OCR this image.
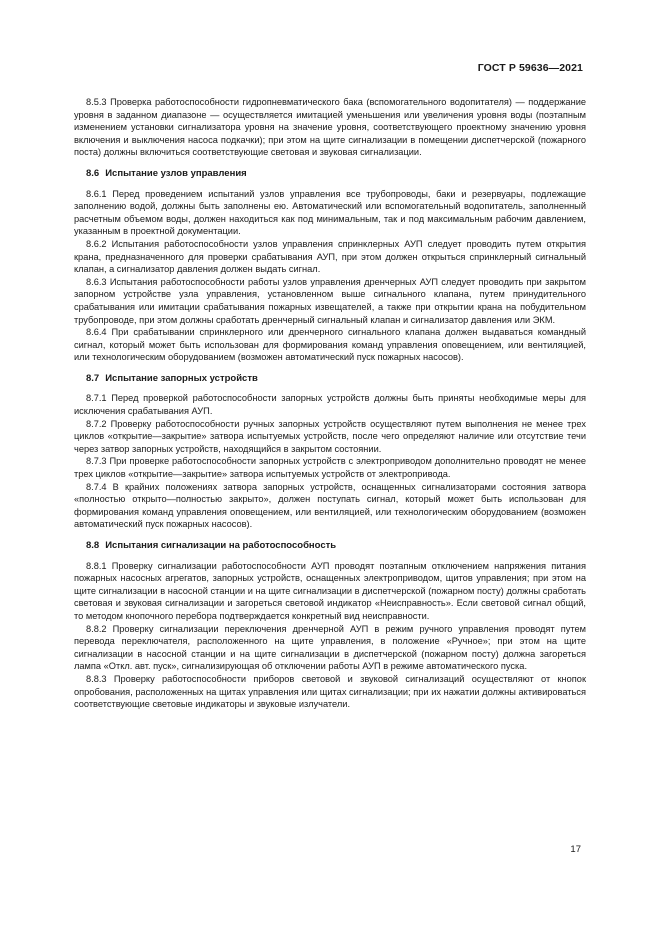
ГОСТ Р 59636—2021

8.5.3 Проверка работоспособности гидропневматического бака (вспомогательного водопитателя) — поддержание уровня в заданном диапазоне — осуществляется имитацией уменьшения или увеличения уровня воды (поэтапным изменением установки сигнализатора уровня на значение уровня, соответствующего проектному значению уровня включения и выключения насоса подкачки); при этом на щите сигнализации в помещении диспетчерской (пожарного поста) должны включиться соответствующие световая и звуковая сигнализации.

8.6 Испытание узлов управления

8.6.1 Перед проведением испытаний узлов управления все трубопроводы, баки и резервуары, подлежащие заполнению водой, должны быть заполнены ею. Автоматический или вспомогательный водопитатель, заполненный расчетным объемом воды, должен находиться как под минимальным, так и под максимальным рабочим давлением, указанным в проектной документации.

8.6.2 Испытания работоспособности узлов управления спринклерных АУП следует проводить путем открытия крана, предназначенного для проверки срабатывания АУП, при этом должен открыться спринклерный сигнальный клапан, а сигнализатор давления должен выдать сигнал.

8.6.3 Испытания работоспособности работы узлов управления дренчерных АУП следует проводить при закрытом запорном устройстве узла управления, установленном выше сигнального клапана, путем принудительного срабатывания или имитации срабатывания пожарных извещателей, а также при открытии крана на побудительном трубопроводе, при этом должны сработать дренчерный сигнальный клапан и сигнализатор давления или ЭКМ.

8.6.4 При срабатывании спринклерного или дренчерного сигнального клапана должен выдаваться командный сигнал, который может быть использован для формирования команд управления оповещением, или вентиляцией, или технологическим оборудованием (возможен автоматический пуск пожарных насосов).

8.7 Испытание запорных устройств

8.7.1 Перед проверкой работоспособности запорных устройств должны быть приняты необходимые меры для исключения срабатывания АУП.

8.7.2 Проверку работоспособности ручных запорных устройств осуществляют путем выполнения не менее трех циклов «открытие—закрытие» затвора испытуемых устройств, после чего определяют наличие или отсутствие течи через затвор запорных устройств, находящийся в закрытом состоянии.

8.7.3 При проверке работоспособности запорных устройств с электроприводом дополнительно проводят не менее трех циклов «открытие—закрытие» затвора испытуемых устройств от электропривода.

8.7.4 В крайних положениях затвора запорных устройств, оснащенных сигнализаторами состояния затвора «полностью открыто—полностью закрыто», должен поступать сигнал, который может быть использован для формирования команд управления оповещением, или вентиляцией, или технологическим оборудованием (возможен автоматический пуск пожарных насосов).

8.8 Испытания сигнализации на работоспособность

8.8.1 Проверку сигнализации работоспособности АУП проводят поэтапным отключением напряжения питания пожарных насосных агрегатов, запорных устройств, оснащенных электроприводом, щитов управления; при этом на щите сигнализации в насосной станции и на щите сигнализации в диспетчерской (пожарном посту) должны сработать световая и звуковая сигнализации и загореться световой индикатор «Неисправность». Если световой сигнал общий, то методом кнопочного перебора подтверждается конкретный вид неисправности.

8.8.2 Проверку сигнализации переключения дренчерной АУП в режим ручного управления проводят путем перевода переключателя, расположенного на щите управления, в положение «Ручное»; при этом на щите сигнализации в насосной станции и на щите сигнализации в диспетчерской (пожарном посту) должна загореться лампа «Откл. авт. пуск», сигнализирующая об отключении работы АУП в режиме автоматического пуска.

8.8.3 Проверку работоспособности приборов световой и звуковой сигнализаций осуществляют от кнопок опробования, расположенных на щитах управления или щитах сигнализации; при их нажатии должны активироваться соответствующие световые индикаторы и звуковые излучатели.

17
